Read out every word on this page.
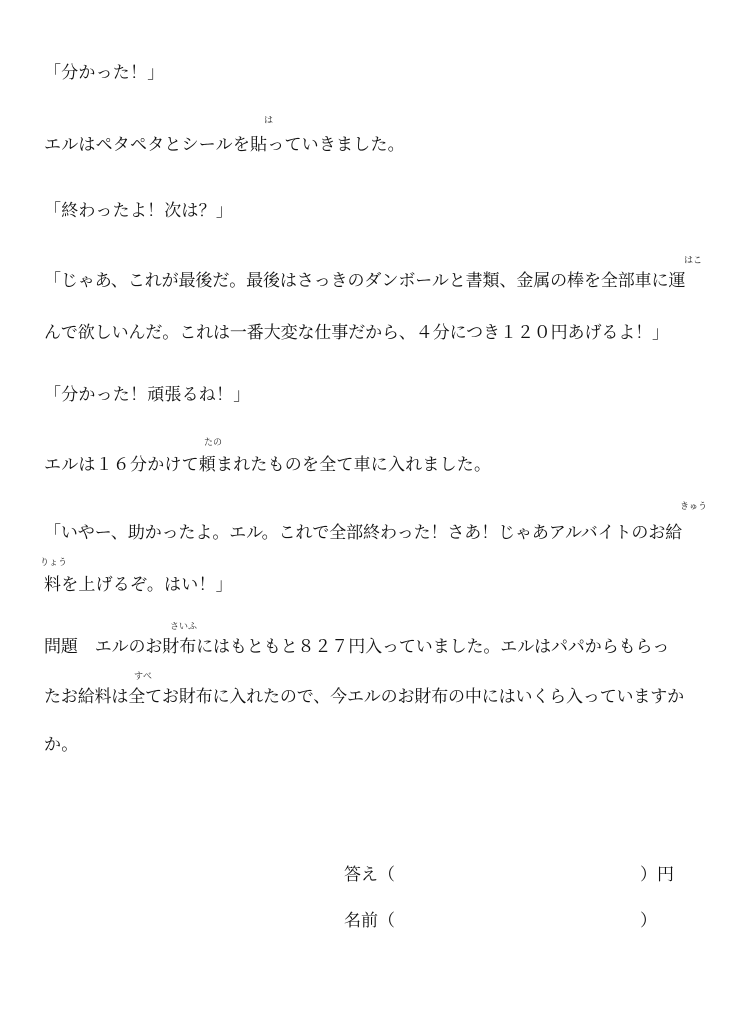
「分かった！」
は
エルはペタペタとシールを貼っていきました。
「終わったよ！次は？」
はこ
「じゃあ、これが最後だ。最後はさっきのダンボールと書類、金属の棒を全部車に運
んで欲しいんだ。これは一番大変な仕事だから、４分につき１２０円あげるよ！」
「分かった！頑張るね！」
たの
エルは１６分かけて頼まれたものを全て車に入れました。
きゅう
「いやー、助かったよ。エル。これで全部終わった！さあ！じゃあアルバイトのお給
りょう
料を上げるぞ。はい！」
さいふ
問題　エルのお財布にはもともと８２７円入っていました。エルはパパからもらっ
すべ
たお給料は全てお財布に入れたので、今エルのお財布の中にはいくら入っていますか
か。
答え（	）円
名前（	）
